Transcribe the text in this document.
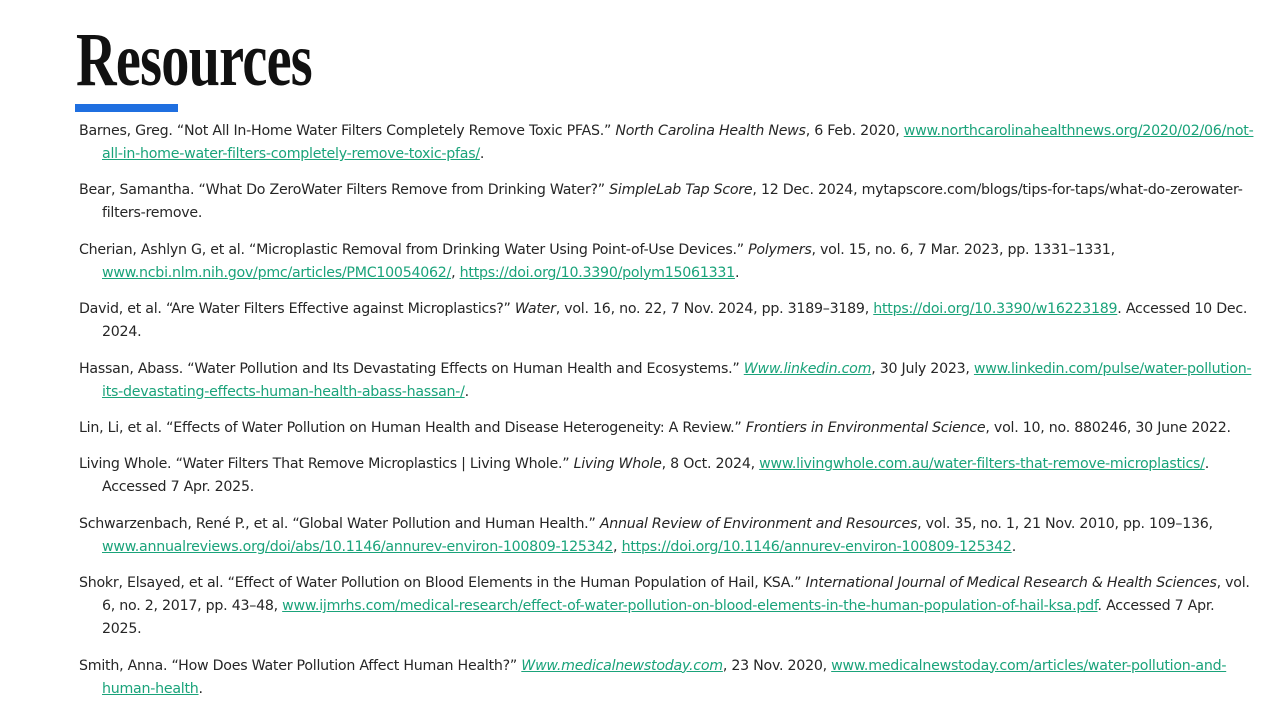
Resources

Barnes, Greg. “Not All In-Home Water Filters Completely Remove Toxic PFAS.” North Carolina Health News, 6 Feb. 2020, www.northcarolinahealthnews.org/2020/02/06/not-all-in-home-water-filters-completely-remove-toxic-pfas/.

Bear, Samantha. “What Do ZeroWater Filters Remove from Drinking Water?” SimpleLab Tap Score, 12 Dec. 2024, mytapscore.com/blogs/tips-for-taps/what-do-zerowater-filters-remove.

Cherian, Ashlyn G, et al. “Microplastic Removal from Drinking Water Using Point-of-Use Devices.” Polymers, vol. 15, no. 6, 7 Mar. 2023, pp. 1331–1331, www.ncbi.nlm.nih.gov/pmc/articles/PMC10054062/, https://doi.org/10.3390/polym15061331.

David, et al. “Are Water Filters Effective against Microplastics?” Water, vol. 16, no. 22, 7 Nov. 2024, pp. 3189–3189, https://doi.org/10.3390/w16223189. Accessed 10 Dec. 2024.

Hassan, Abass. “Water Pollution and Its Devastating Effects on Human Health and Ecosystems.” Www.linkedin.com, 30 July 2023, www.linkedin.com/pulse/water-pollution-its-devastating-effects-human-health-abass-hassan-/.

Lin, Li, et al. “Effects of Water Pollution on Human Health and Disease Heterogeneity: A Review.” Frontiers in Environmental Science, vol. 10, no. 880246, 30 June 2022.

Living Whole. “Water Filters That Remove Microplastics | Living Whole.” Living Whole, 8 Oct. 2024, www.livingwhole.com.au/water-filters-that-remove-microplastics/. Accessed 7 Apr. 2025.

Schwarzenbach, René P., et al. “Global Water Pollution and Human Health.” Annual Review of Environment and Resources, vol. 35, no. 1, 21 Nov. 2010, pp. 109–136, www.annualreviews.org/doi/abs/10.1146/annurev-environ-100809-125342, https://doi.org/10.1146/annurev-environ-100809-125342.

Shokr, Elsayed, et al. “Effect of Water Pollution on Blood Elements in the Human Population of Hail, KSA.” International Journal of Medical Research & Health Sciences, vol. 6, no. 2, 2017, pp. 43–48, www.ijmrhs.com/medical-research/effect-of-water-pollution-on-blood-elements-in-the-human-population-of-hail-ksa.pdf. Accessed 7 Apr. 2025.

Smith, Anna. “How Does Water Pollution Affect Human Health?” Www.medicalnewstoday.com, 23 Nov. 2020, www.medicalnewstoday.com/articles/water-pollution-and-human-health.
